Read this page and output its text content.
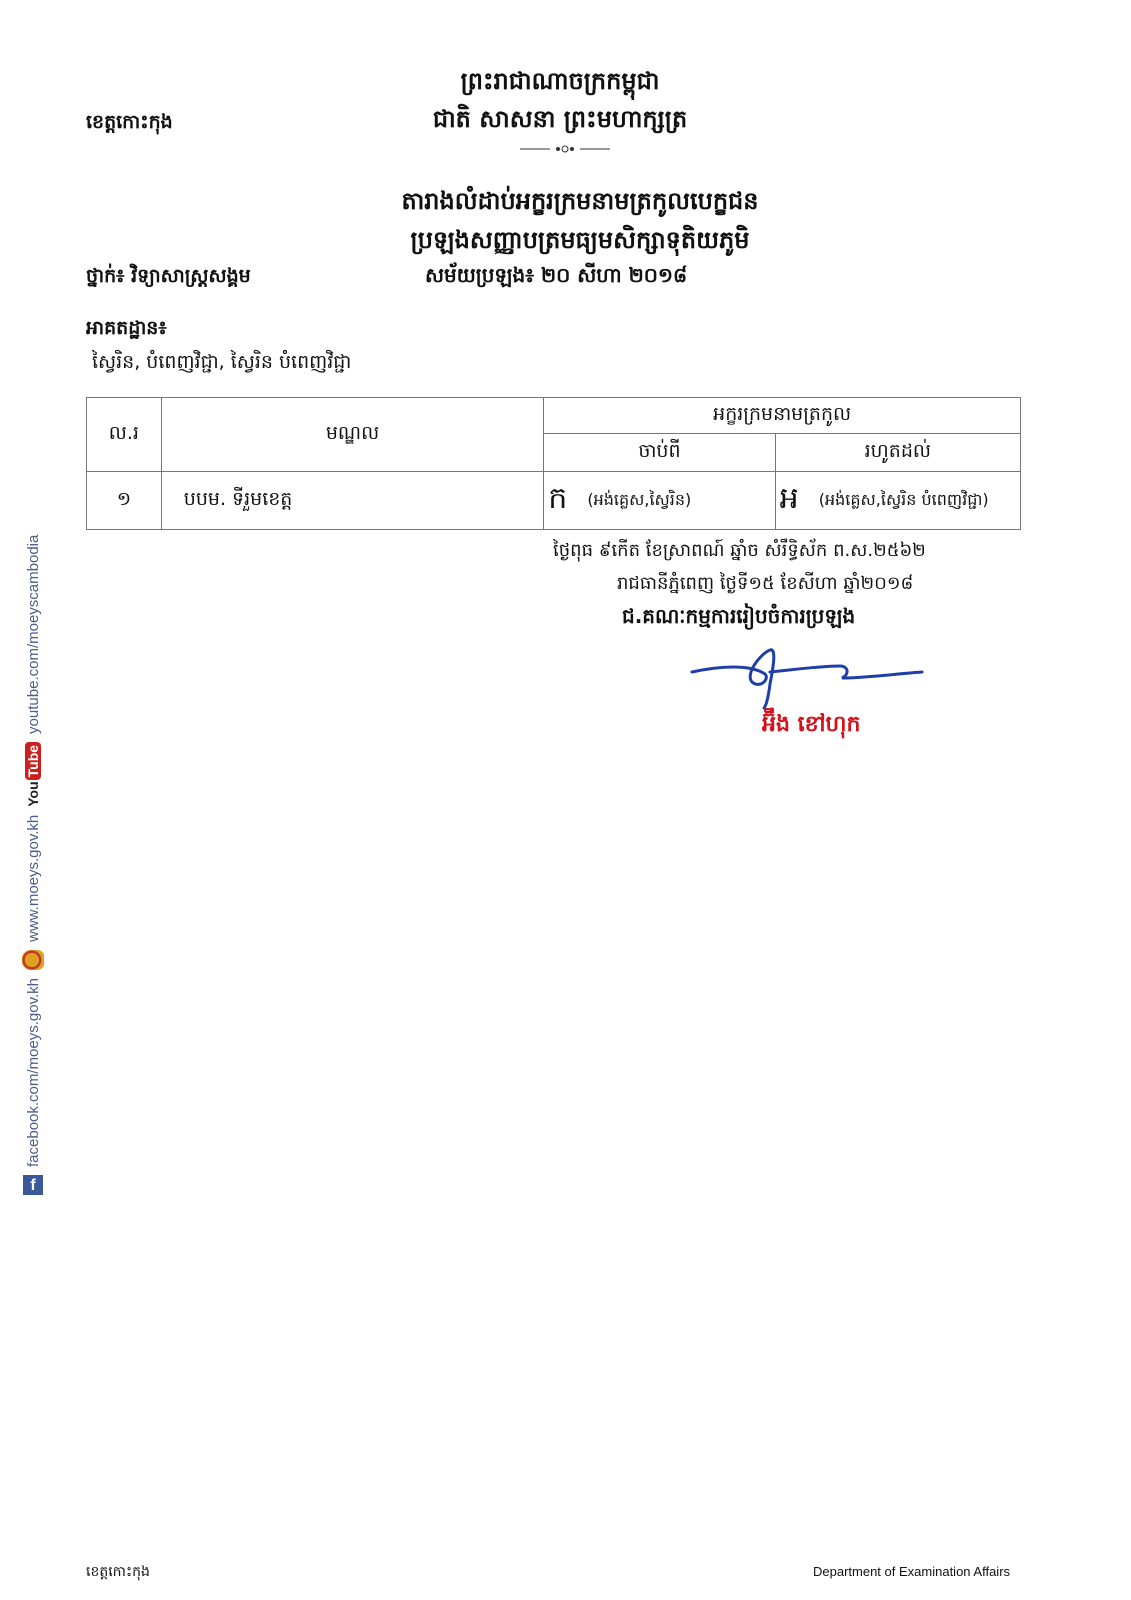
f
facebook.com/moeys.gov.kh
www.moeys.gov.kh
You
Tube
youtube.com/moeyscambodia
ព្រះរាជាណាចក្រកម្ពុជា
ជាតិ សាសនា ព្រះមហាក្សត្រ
ខេត្តកោះកុង
តារាងលំដាប់អក្ខរក្រមនាមត្រកូលបេក្ខជន
ប្រឡងសញ្ញាបត្រមធ្យមសិក្សាទុតិយភូមិ
ថ្នាក់៖ វិទ្យាសាស្ត្រសង្គម	សម័យប្រឡង៖ ២០ សីហា ២០១៨
អាគតដ្ឋាន៖
ស្វៃរិន, បំពេញវិជ្ជា, ស្វៃរិន បំពេញវិជ្ជា
ល.រ	មណ្ឌល	អក្ខរក្រមនាមត្រកូល	
		ចាប់ពី	រហូតដល់
១	បបម. ទីរួមខេត្ត	ក (អង់គ្លេស,ស្វៃរិន)	អ (អង់គ្លេស,ស្វៃរិន បំពេញវិជ្ជា)
ថ្ងៃពុធ ៩កើត ខែស្រាពណ៍ ឆ្នាំច សំរឹទ្ធិស័ក ព.ស.២៥៦២
រាជធានីភ្នំពេញ ថ្ងៃទី១៥ ខែសីហា ឆ្នាំ២០១៨
ជ.គណៈកម្មការរៀបចំការប្រឡង
អ៊ឹង ខៅហុក
ខេត្តកោះកុង	Department of Examination Affairs
